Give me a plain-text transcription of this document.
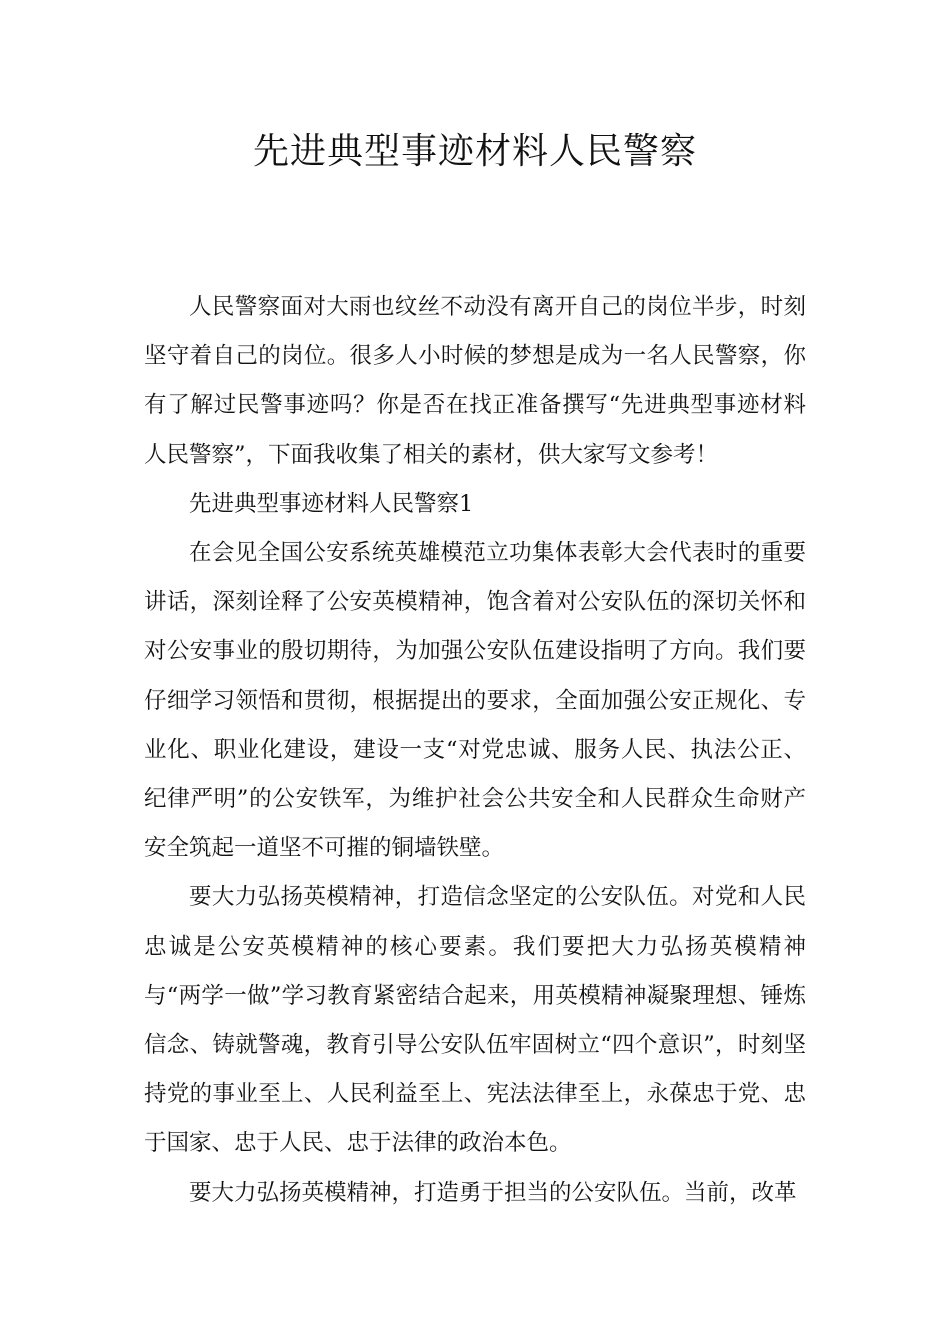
先进典型事迹材料人民警察

人民警察面对大雨也纹丝不动没有离开自己的岗位半步，时刻坚守着自己的岗位。很多人小时候的梦想是成为一名人民警察，你有了解过民警事迹吗？你是否在找正准备撰写“先进典型事迹材料人民警察”，下面我收集了相关的素材，供大家写文参考！

先进典型事迹材料人民警察1

在会见全国公安系统英雄模范立功集体表彰大会代表时的重要讲话，深刻诠释了公安英模精神，饱含着对公安队伍的深切关怀和对公安事业的殷切期待，为加强公安队伍建设指明了方向。我们要仔细学习领悟和贯彻，根据提出的要求，全面加强公安正规化、专业化、职业化建设，建设一支“对党忠诚、服务人民、执法公正、纪律严明”的公安铁军，为维护社会公共安全和人民群众生命财产安全筑起一道坚不可摧的铜墙铁壁。

要大力弘扬英模精神，打造信念坚定的公安队伍。对党和人民忠诚是公安英模精神的核心要素。我们要把大力弘扬英模精神与“两学一做”学习教育紧密结合起来，用英模精神凝聚理想、锤炼信念、铸就警魂，教育引导公安队伍牢固树立“四个意识”，时刻坚持党的事业至上、人民利益至上、宪法法律至上，永葆忠于党、忠于国家、忠于人民、忠于法律的政治本色。

要大力弘扬英模精神，打造勇于担当的公安队伍。当前，改革
